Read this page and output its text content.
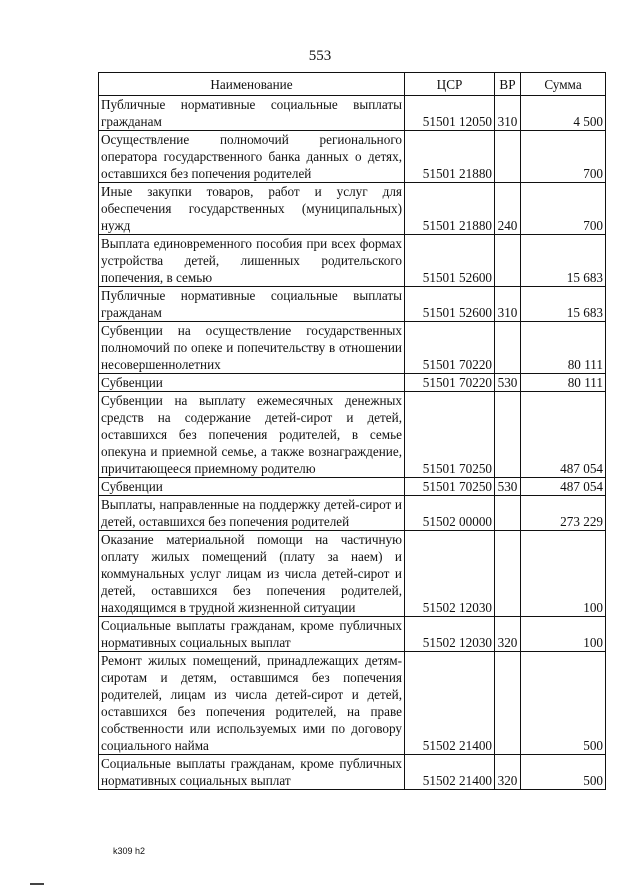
553
Наименование	ЦСР	ВР	Сумма
Публичные нормативные социальные выплаты гражданам	51501 12050	310	4 500
Осуществление полномочий регионального оператора государственного банка данных о детях, оставшихся без попечения родителей	51501 21880		700
Иные закупки товаров, работ и услуг для обеспечения государственных (муниципальных) нужд	51501 21880	240	700
Выплата единовременного пособия при всех формах устройства детей, лишенных родительского попечения, в семью	51501 52600		15 683
Публичные нормативные социальные выплаты гражданам	51501 52600	310	15 683
Субвенции на осуществление государственных полномочий по опеке и попечительству в отношении несовершеннолетних	51501 70220		80 111
Субвенции	51501 70220	530	80 111
Субвенции на выплату ежемесячных денежных средств на содержание детей-сирот и детей, оставшихся без попечения родителей, в семье опекуна и приемной семье, а также вознаграждение, причитающееся приемному родителю	51501 70250		487 054
Субвенции	51501 70250	530	487 054
Выплаты, направленные на поддержку детей-сирот и детей, оставшихся без попечения родителей	51502 00000		273 229
Оказание материальной помощи на частичную оплату жилых помещений (плату за наем) и коммунальных услуг лицам из числа детей-сирот и детей, оставшихся без попечения родителей, находящимся в трудной жизненной ситуации	51502 12030		100
Социальные выплаты гражданам, кроме публичных нормативных социальных выплат	51502 12030	320	100
Ремонт жилых помещений, принадлежащих детям-сиротам и детям, оставшимся без попечения родителей, лицам из числа детей-сирот и детей, оставшихся без попечения родителей, на праве собственности или используемых ими по договору социального найма	51502 21400		500
Социальные выплаты гражданам, кроме публичных нормативных социальных выплат	51502 21400	320	500
k309 h2
